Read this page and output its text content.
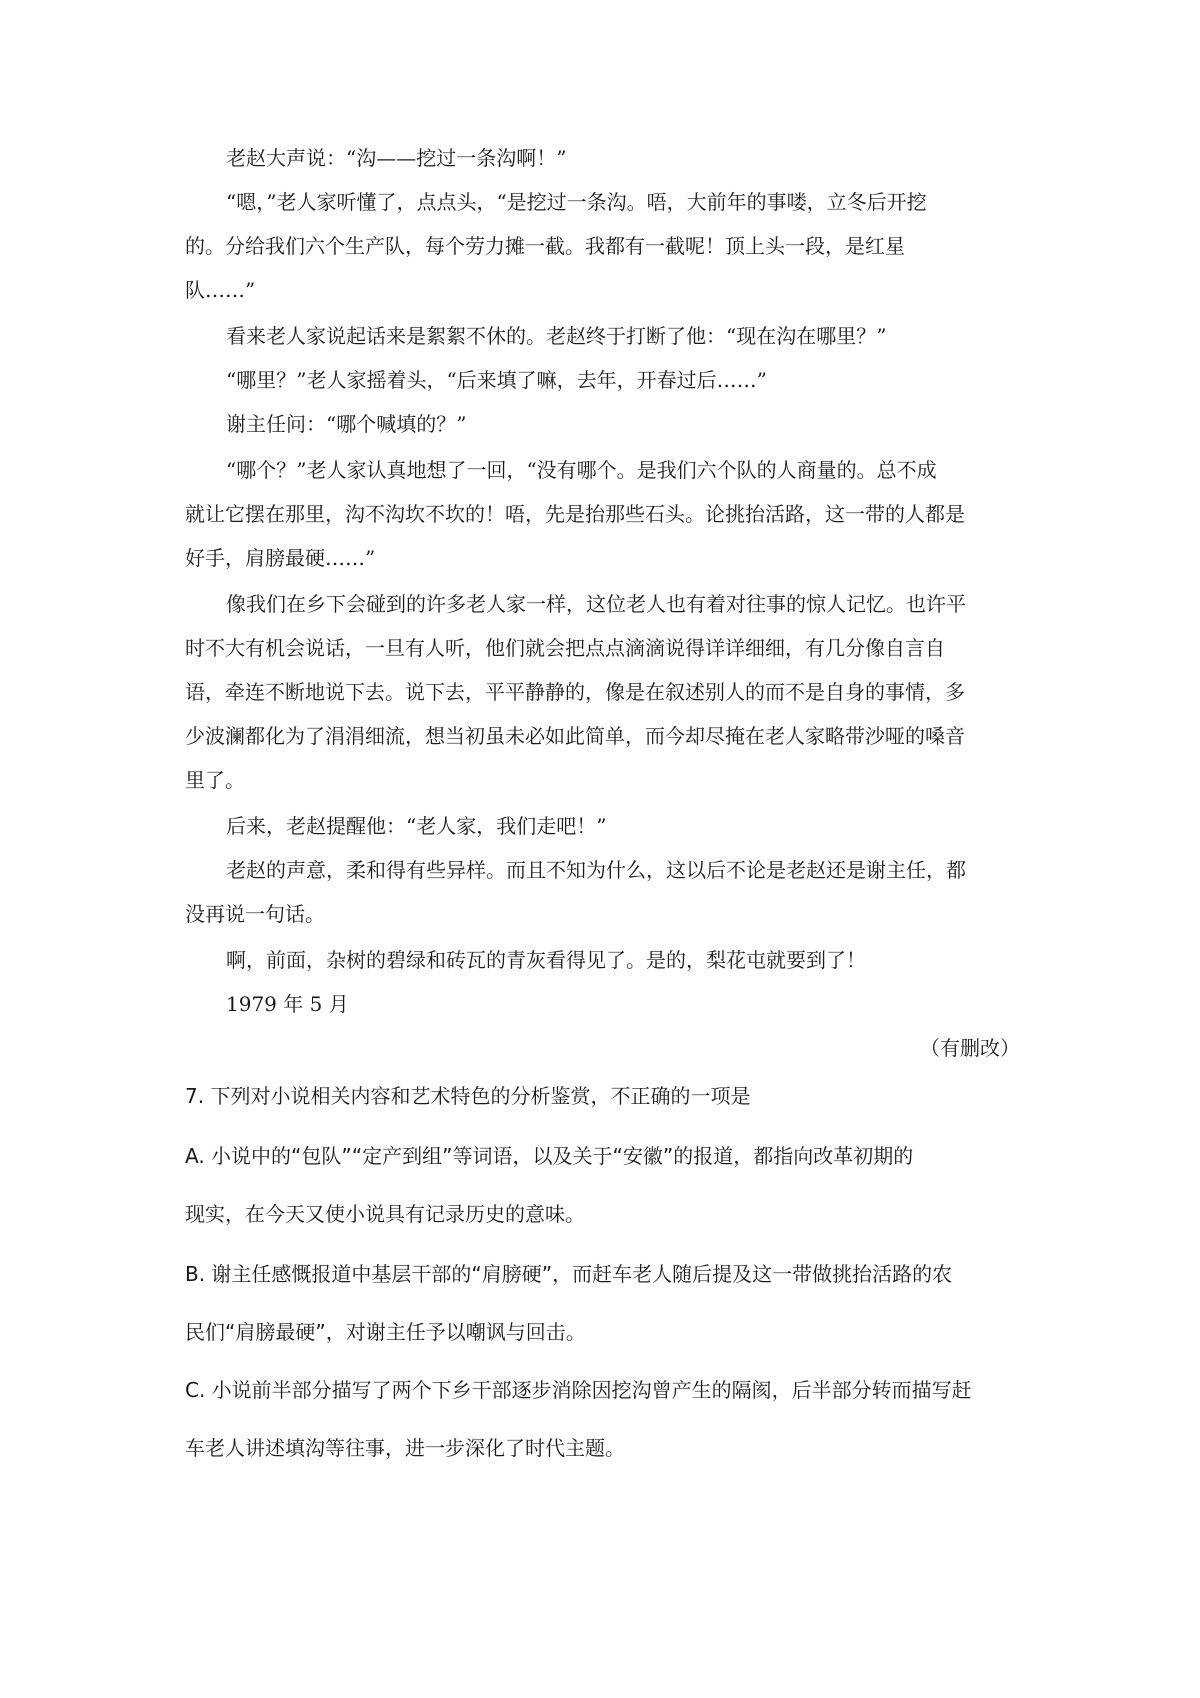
老赵大声说：“沟——挖过一条沟啊！”
“嗯，”老人家听懂了，点点头，“是挖过一条沟。唔，大前年的事喽，立冬后开挖
的。分给我们六个生产队，每个劳力摊一截。我都有一截呢！顶上头一段，是红星
队……”
看来老人家说起话来是絮絮不休的。老赵终于打断了他：“现在沟在哪里？”
“哪里？”老人家摇着头，“后来填了嘛，去年，开春过后……”
谢主任问：“哪个喊填的？”
“哪个？”老人家认真地想了一回，“没有哪个。是我们六个队的人商量的。总不成
就让它摆在那里，沟不沟坎不坎的！唔，先是抬那些石头。论挑抬活路，这一带的人都是
好手，肩膀最硬……”
像我们在乡下会碰到的许多老人家一样，这位老人也有着对往事的惊人记忆。也许平
时不大有机会说话，一旦有人听，他们就会把点点滴滴说得详详细细，有几分像自言自
语，牵连不断地说下去。说下去，平平静静的，像是在叙述别人的而不是自身的事情，多
少波澜都化为了涓涓细流，想当初虽未必如此简单，而今却尽掩在老人家略带沙哑的嗓音
里了。
后来，老赵提醒他：“老人家，我们走吧！”
老赵的声意，柔和得有些异样。而且不知为什么，这以后不论是老赵还是谢主任，都
没再说一句话。
啊，前面，杂树的碧绿和砖瓦的青灰看得见了。是的，梨花屯就要到了！
1979 年 5 月
（有删改）
7. 下列对小说相关内容和艺术特色的分析鉴赏，不正确的一项是
A. 小说中的“包队”“定产到组”等词语，以及关于“安徽”的报道，都指向改革初期的
现实，在今天又使小说具有记录历史的意味。
B. 谢主任感慨报道中基层干部的“肩膀硬”，而赶车老人随后提及这一带做挑抬活路的农
民们“肩膀最硬”，对谢主任予以嘲讽与回击。
C. 小说前半部分描写了两个下乡干部逐步消除因挖沟曾产生的隔阂，后半部分转而描写赶
车老人讲述填沟等往事，进一步深化了时代主题。
